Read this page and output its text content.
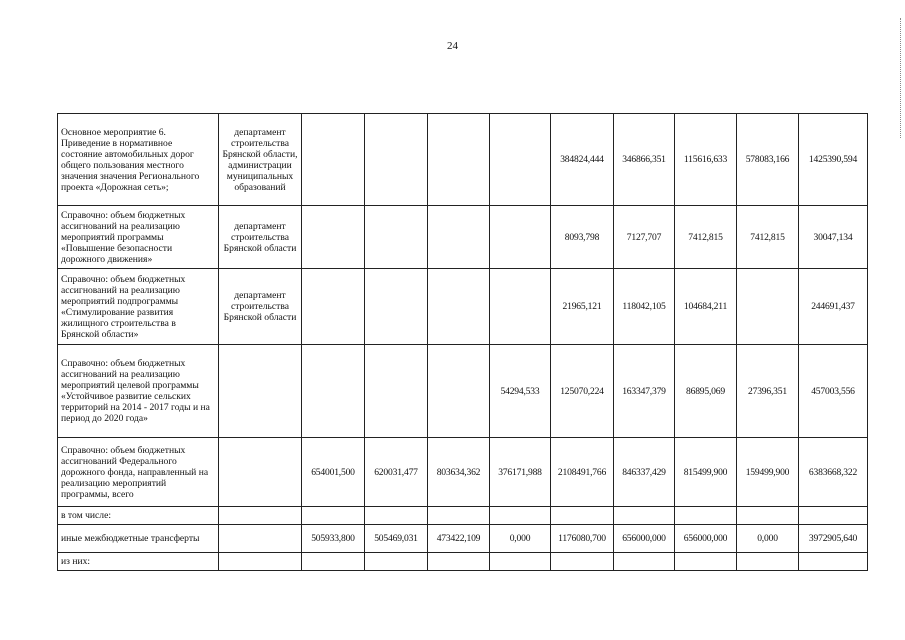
24
Основное мероприятие 6. Приведение в нормативное состояние автомобильных дорог общего пользования местного значения значения Регионального проекта «Дорожная сеть»;	департамент строительства Брянской области, администрации муниципальных образований					384824,444	346866,351	115616,633	578083,166	1425390,594
Справочно: объем бюджетных ассигнований на реализацию мероприятий программы «Повышение безопасности дорожного движения»	департамент строительства Брянской области					8093,798	7127,707	7412,815	7412,815	30047,134
Справочно: объем бюджетных ассигнований на реализацию мероприятий подпрограммы «Стимулирование развития жилищного строительства в Брянской области»	департамент строительства Брянской области					21965,121	118042,105	104684,211		244691,437
Справочно: объем бюджетных ассигнований на реализацию мероприятий целевой программы «Устойчивое развитие сельских территорий на 2014 - 2017 годы и на период до 2020 года»					54294,533	125070,224	163347,379	86895,069	27396,351	457003,556
Справочно: объем бюджетных ассигнований Федерального дорожного фонда, направленный на реализацию мероприятий программы, всего		654001,500	620031,477	803634,362	376171,988	2108491,766	846337,429	815499,900	159499,900	6383668,322
в том числе:										
иные межбюджетные трансферты		505933,800	505469,031	473422,109	0,000	1176080,700	656000,000	656000,000	0,000	3972905,640
из них:										
